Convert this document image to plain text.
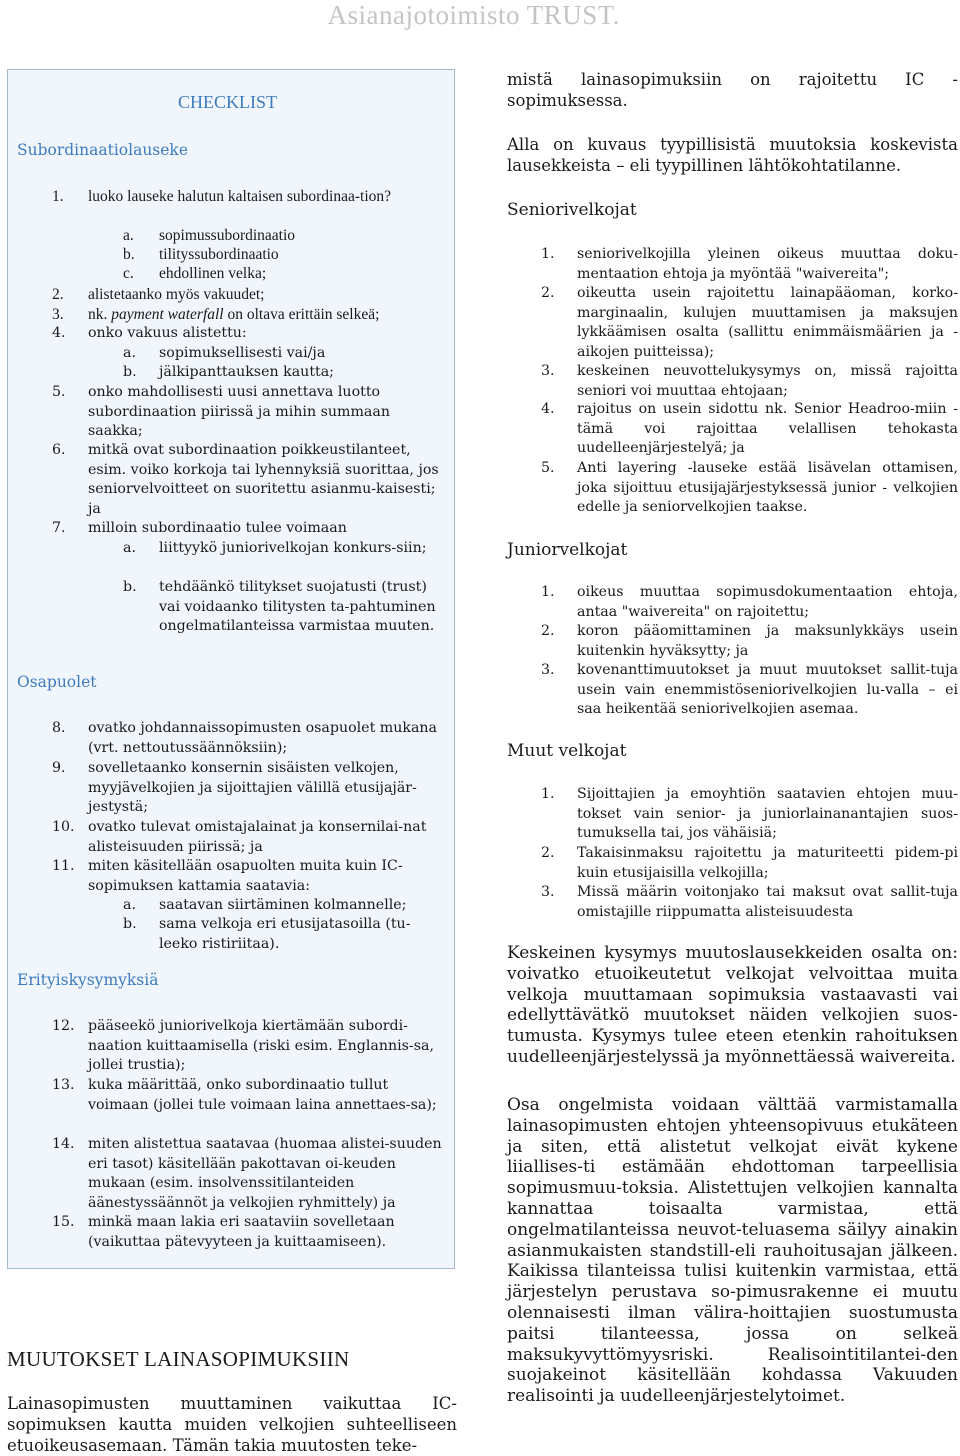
Asianajotoimisto TRUST.
CHECKLIST
Subordinaatiolauseke
1. luoko lauseke halutun kaltaisen subordinaa-tion?
a. sopimussubordinaatio
b. tilityssubordinaatio
c. ehdollinen velka;
2. alistetaanko myös vakuudet;
3. nk. payment waterfall on oltava erittäin selkeä;
4. onko vakuus alistettu:
a. sopimuksellisesti vai/ja
b. jälkipanttauksen kautta;
5. onko mahdollisesti uusi annettava luotto subordinaation piirissä ja mihin summaan saakka;
6. mitkä ovat subordinaation poikkeustilanteet, esim. voiko korkoja tai lyhennyksiä suorittaa, jos seniorvelvoitteet on suoritettu asianmu-kaisesti; ja
7. milloin subordinaatio tulee voimaan
a. liittyykö juniorivelkojan konkurs-siin;
b. tehdäänkö tilitykset suojatusti (trust) vai voidaanko tilitysten ta-pahtuminen ongelmatilanteissa varmistaa muuten.
Osapuolet
8. ovatko johdannaissopimusten osapuolet mukana (vrt. nettoutussäännöksiin);
9. sovelletaanko konsernin sisäisten velkojen, myyjävelkojien ja sijoittajien välillä etusijajär-jestystä;
10. ovatko tulevat omistajalainat ja konsernilai-nat alisteisuuden piirissä; ja
11. miten käsitellään osapuolten muita kuin IC-sopimuksen kattamia saatavia:
a. saatavan siirtäminen kolmannelle;
b. sama velkoja eri etusijatasoilla (tu-leeko ristiriitaa).
Erityiskysymyksiä
12. pääseekö juniorivelkoja kiertämään subordi-naation kuittaamisella (riski esim. Englannis-sa, jollei trustia);
13. kuka määrittää, onko subordinaatio tullut voimaan (jollei tule voimaan laina annettaes-sa);
14. miten alistettua saatavaa (huomaa alistei-suuden eri tasot) käsitellään pakottavan oi-keuden mukaan (esim. insolvenssitilanteiden äänestyssäännöt ja velkojien ryhmittely) ja
15. minkä maan lakia eri saataviin sovelletaan (vaikuttaa pätevyyteen ja kuittaamiseen).
MUUTOKSET LAINASOPIMUKSIIN
Lainasopimusten muuttaminen vaikuttaa IC-sopimuksen kautta muiden velkojien suhteelliseen etuoikeusasemaan. Tämän takia muutosten teke-
mistä lainasopimuksiin on rajoitettu IC - sopimuksessa.
Alla on kuvaus tyypillisistä muutoksia koskevista lausekkeista – eli tyypillinen lähtökohtatilanne.
Seniorivelkojat
1. seniorivelkojilla yleinen oikeus muuttaa doku-mentaation ehtoja ja myöntää "waivereita";
2. oikeutta usein rajoitettu lainapääoman, korko-marginaalin, kulujen muuttamisen ja maksujen lykkäämisen osalta (sallittu enimmäismäärien ja -aikojen puitteissa);
3. keskeinen neuvottelukysymys on, missä rajoitta seniori voi muuttaa ehtojaan;
4. rajoitus on usein sidottu nk. Senior Headroo-miin - tämä voi rajoittaa velallisen tehokasta uudelleenjärjestelyä; ja
5. Anti layering -lauseke estää lisävelan ottamisen, joka sijoittuu etusijajärjestyksessä junior - velkojien edelle ja seniorvelkojien taakse.
Juniorvelkojat
1. oikeus muuttaa sopimusdokumentaation ehtoja, antaa "waivereita" on rajoitettu;
2. koron pääomittaminen ja maksunlykkäys usein kuitenkin hyväksytty; ja
3. kovenanttimuutokset ja muut muutokset sallit-tuja usein vain enemmistöseniorivelkojien lu-valla – ei saa heikentää seniorivelkojien asemaa.
Muut velkojat
1. Sijoittajien ja emoyhtiön saatavien ehtojen muu-tokset vain senior- ja juniorlainanantajien suos-tumuksella tai, jos vähäisiä;
2. Takaisinmaksu rajoitettu ja maturiteetti pidem-pi kuin etusijaisilla velkojilla;
3. Missä määrin voitonjako tai maksut ovat sallit-tuja omistajille riippumatta alisteisuudesta
Keskeinen kysymys muutoslausekkeiden osalta on: voivatko etuoikeutetut velkojat velvoittaa muita velkoja muuttamaan sopimuksia vastaavasti vai edellyttävätkö muutokset näiden velkojien suos-tumusta. Kysymys tulee eteen etenkin rahoituksen uudelleenjärjestelyssä ja myönnettäessä waivereita.
Osa ongelmista voidaan välttää varmistamalla lainasopimusten ehtojen yhteensopivuus etukäteen ja siten, että alistetut velkojat eivät kykene liiallises-ti estämään ehdottoman tarpeellisia sopimusmuu-toksia. Alistettujen velkojien kannalta kannattaa toisaalta varmistaa, että ongelmatilanteissa neuvot-teluasema säilyy ainakin asianmukaisten standstill-eli rauhoitusajan jälkeen. Kaikissa tilanteissa tulisi kuitenkin varmistaa, että järjestelyn perustava so-pimusrakenne ei muutu olennaisesti ilman välira-hoittajien suostumusta paitsi tilanteessa, jossa on selkeä maksukyvyttömyysriski. Realisointitilantei-den suojakeinot käsitellään kohdassa Vakuuden realisointi ja uudelleenjärjestelytoimet.
